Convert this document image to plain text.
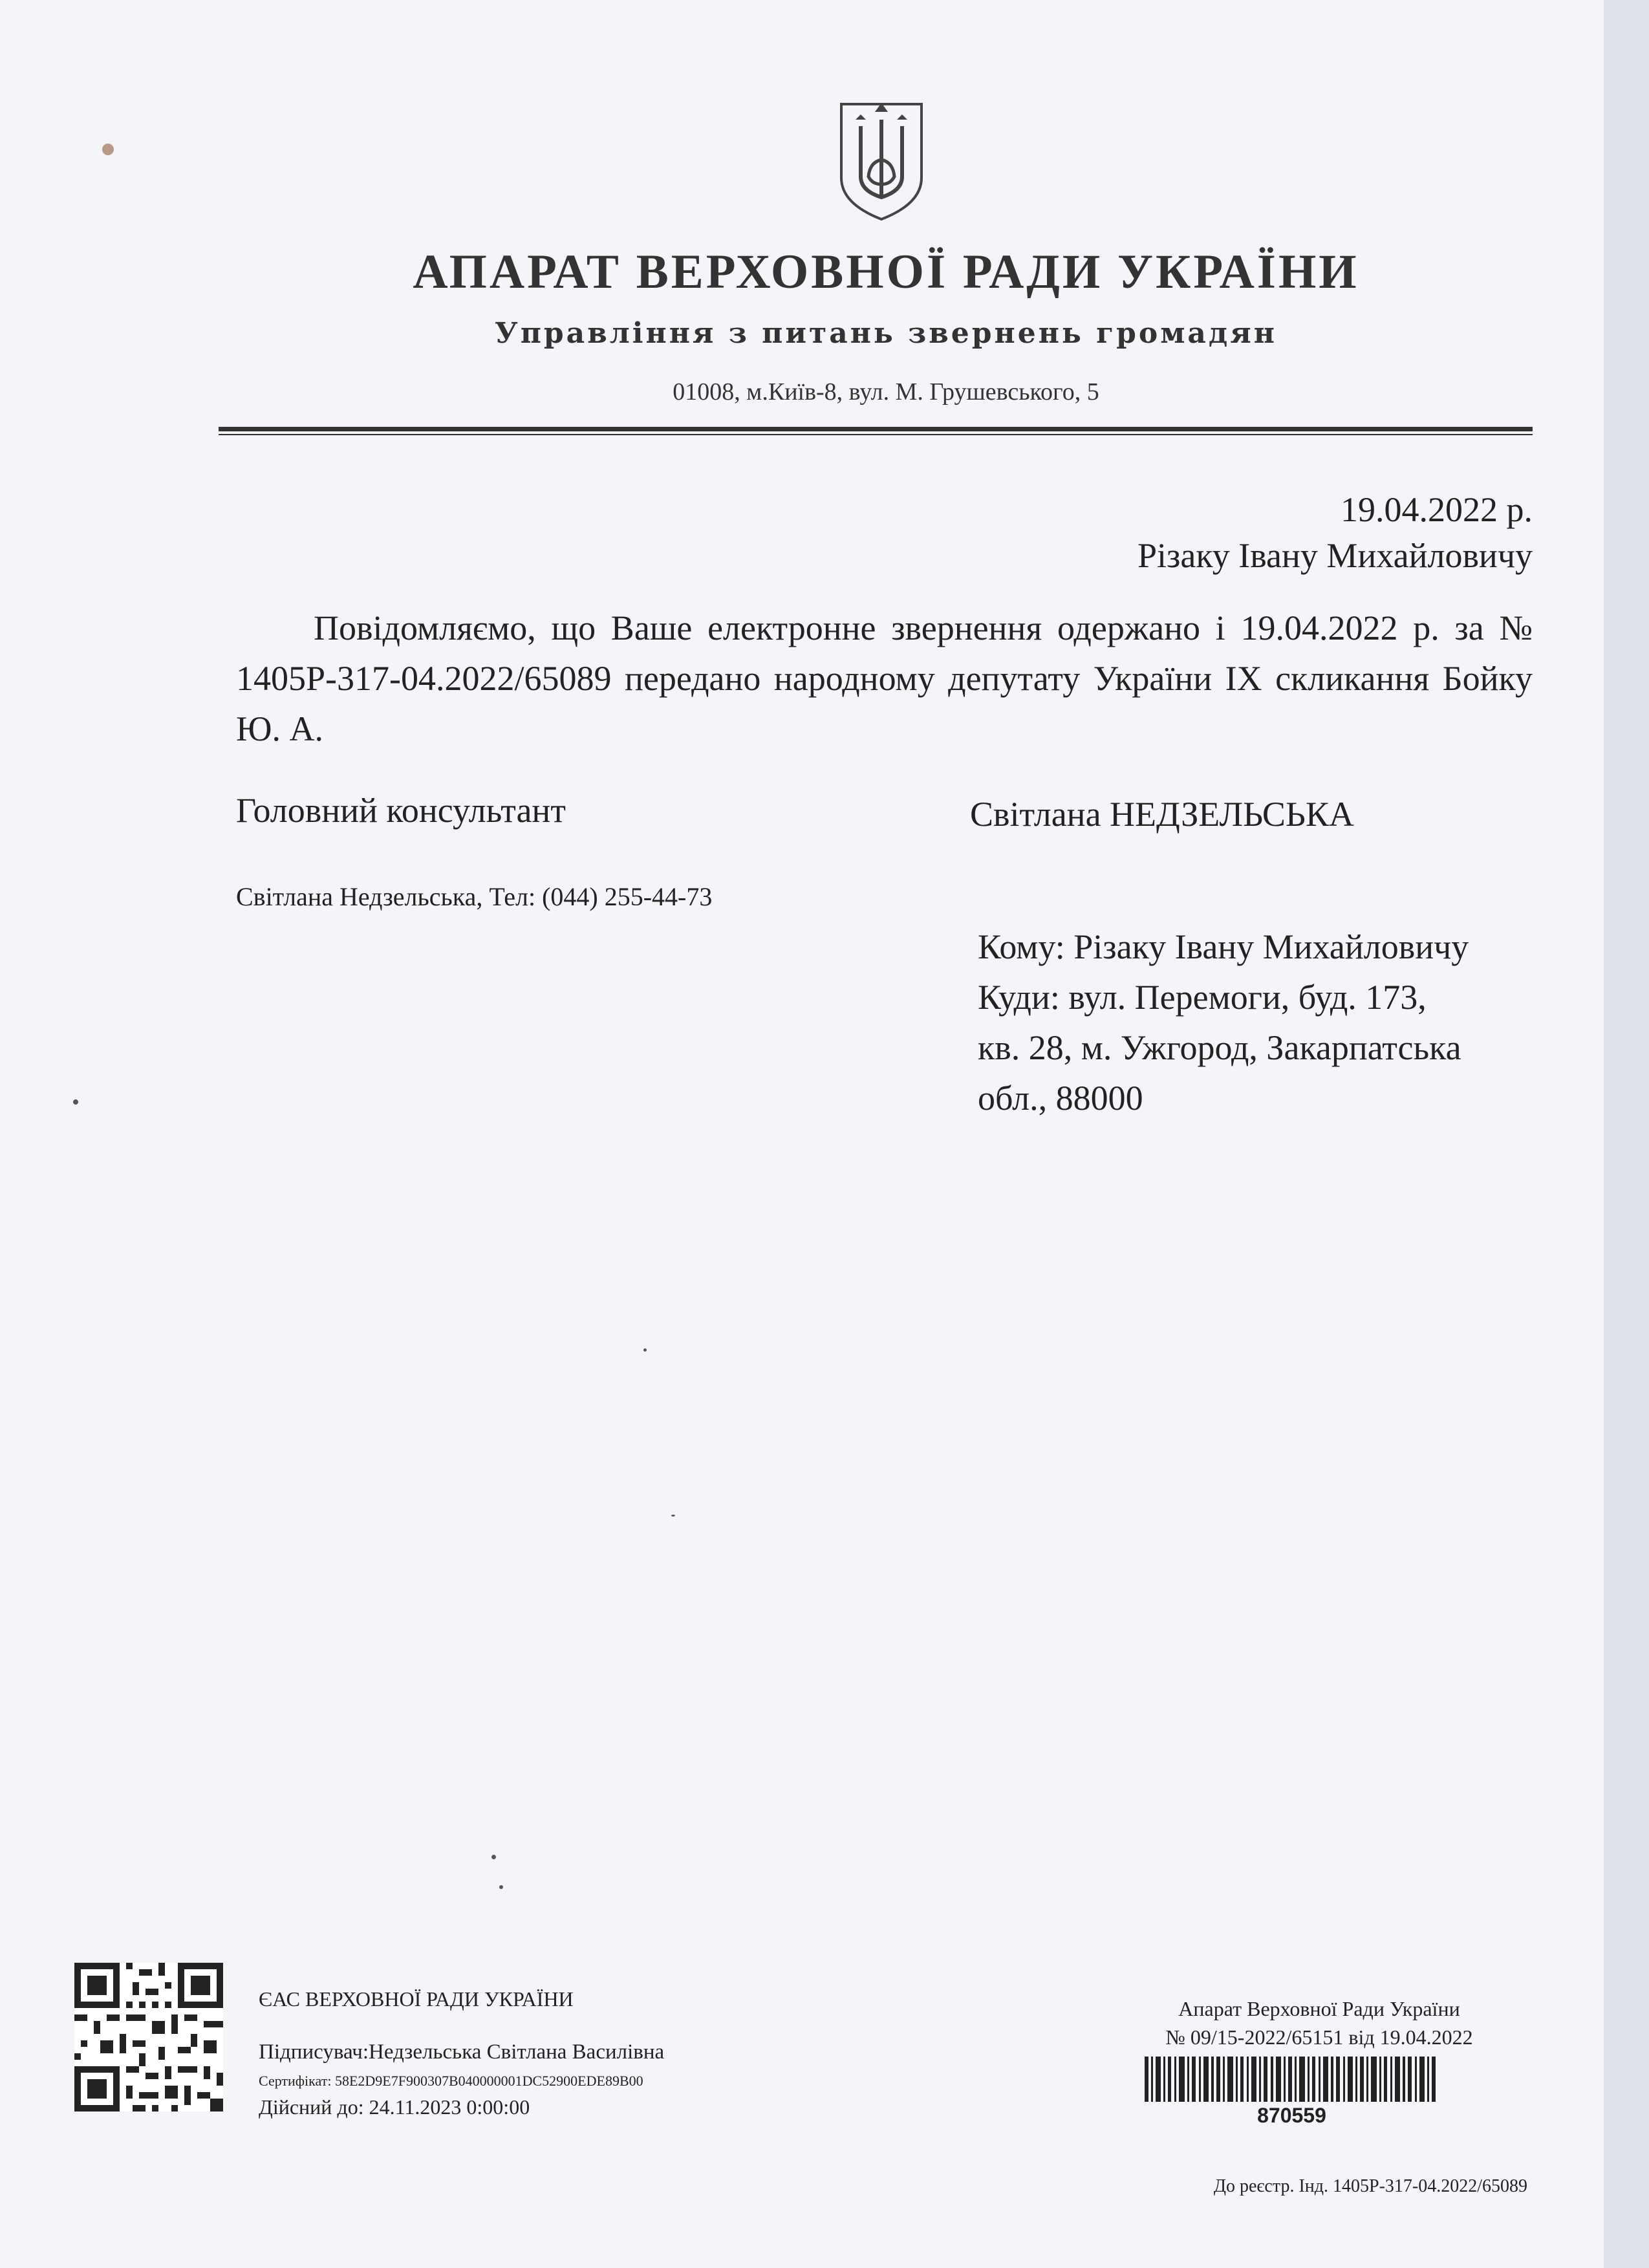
АПАРАТ ВЕРХОВНОЇ РАДИ УКРАЇНИ
Управління з питань звернень громадян
01008, м.Київ-8, вул. М. Грушевського, 5
19.04.2022 р.
Різаку Івану Михайловичу
Повідомляємо, що Ваше електронне звернення одержано і 19.04.2022 р. за № 1405Р-317-04.2022/65089 передано народному депутату України ІХ скликання Бойку Ю. А.
Головний консультант	Світлана НЕДЗЕЛЬСЬКА
Світлана Недзельська, Тел: (044) 255-44-73
Кому: Різаку Івану Михайловичу
Куди: вул. Перемоги, буд. 173,
кв. 28, м. Ужгород, Закарпатська
обл., 88000
ЄАС ВЕРХОВНОЇ РАДИ УКРАЇНИ
Підписувач:Недзельська Світлана Василівна
Сертифікат: 58E2D9E7F900307B040000001DC52900EDE89B00
Дійсний до: 24.11.2023 0:00:00
Апарат Верховної Ради України
№ 09/15-2022/65151 від 19.04.2022
870559
До реєстр. Інд. 1405Р-317-04.2022/65089
